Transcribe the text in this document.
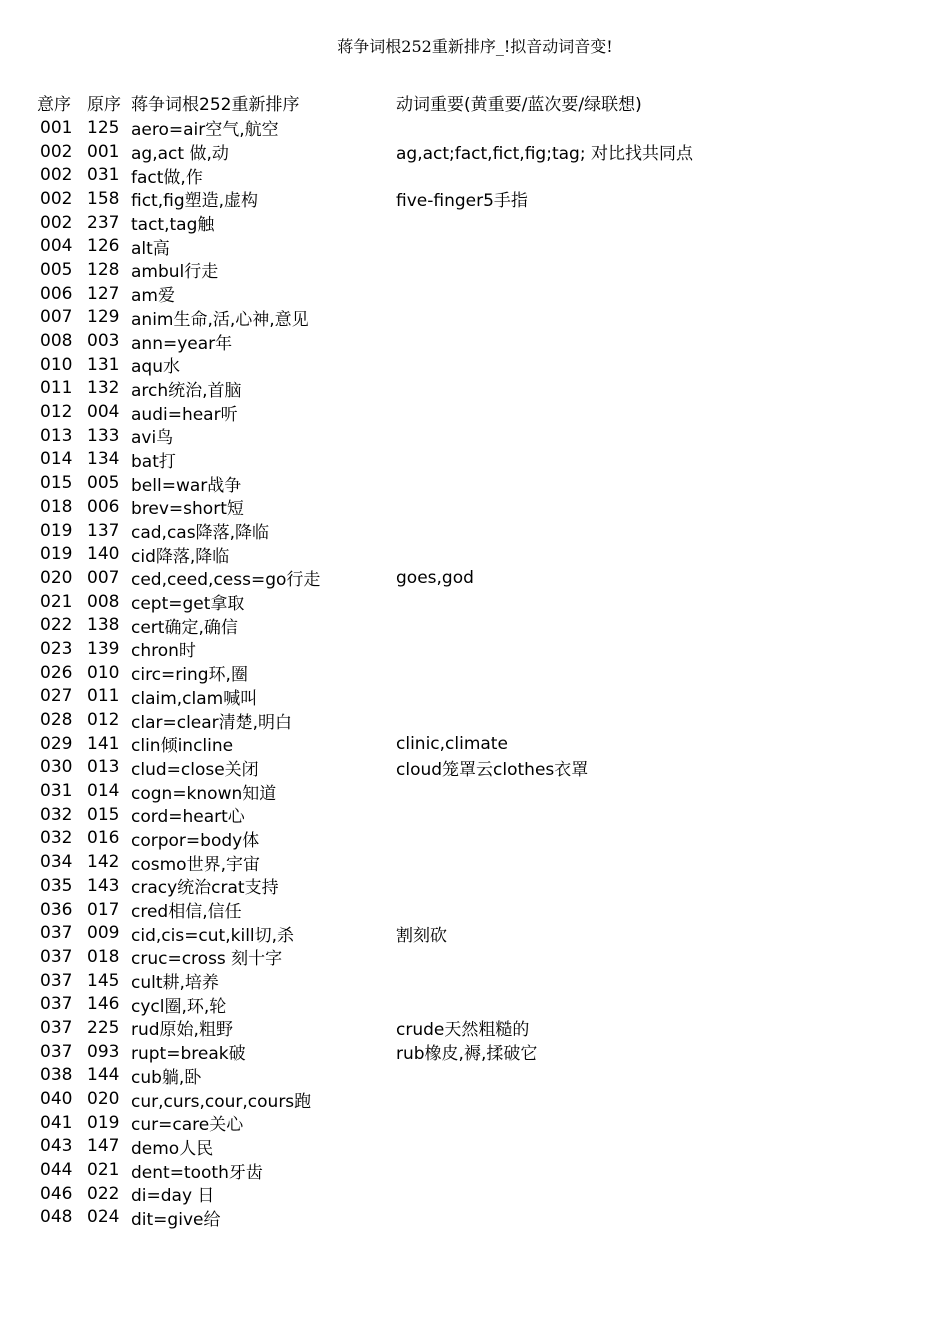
蒋争词根252重新排序_!拟音动词音变!
意序 原序 蒋争词根252重新排序	动词重要(黄重要/蓝次要/绿联想)
001 125 aero=air空气,航空
002 001 ag,act 做,动	ag,act;fact,fict,fig;tag; 对比找共同点
002 031 fact做,作
002 158 fict,fig塑造,虚构	five-finger5手指
002 237 tact,tag触
004 126 alt高
005 128 ambul行走
006 127 am爱
007 129 anim生命,活,心神,意见
008 003 ann=year年
010 131 aqu水
011 132 arch统治,首脑
012 004 audi=hear听
013 133 avi鸟
014 134 bat打
015 005 bell=war战争
018 006 brev=short短
019 137 cad,cas降落,降临
019 140 cid降落,降临
020 007 ced,ceed,cess=go行走	goes,god
021 008 cept=get拿取
022 138 cert确定,确信
023 139 chron时
026 010 circ=ring环,圈
027 011 claim,clam喊叫
028 012 clar=clear清楚,明白
029 141 clin倾incline	clinic,climate
030 013 clud=close关闭	cloud笼罩云clothes衣罩
031 014 cogn=known知道
032 015 cord=heart心
032 016 corpor=body体
034 142 cosmo世界,宇宙
035 143 cracy统治crat支持
036 017 cred相信,信任
037 009 cid,cis=cut,kill切,杀	割刻砍
037 018 cruc=cross 刻十字
037 145 cult耕,培养
037 146 cycl圈,环,轮
037 225 rud原始,粗野	crude天然粗糙的
037 093 rupt=break破	rub橡皮,褥,揉破它
038 144 cub躺,卧
040 020 cur,curs,cour,cours跑
041 019 cur=care关心
043 147 demo人民
044 021 dent=tooth牙齿
046 022 di=day 日
048 024 dit=give给
